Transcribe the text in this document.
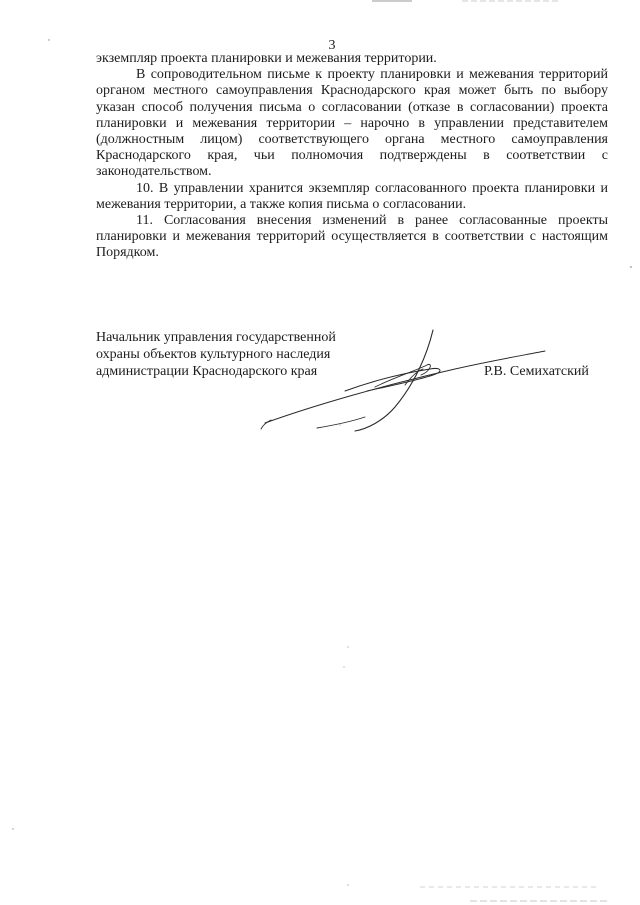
3

экземпляр проекта планировки и межевания территории.

В сопроводительном письме к проекту планировки и межевания территорий органом местного самоуправления Краснодарского края может быть по выбору указан способ получения письма о согласовании (отказе в согласовании) проекта планировки и межевания территории – нарочно в управлении представителем (должностным лицом) соответствующего органа местного самоуправления Краснодарского края, чьи полномочия подтверждены в соответствии с законодательством.

10. В управлении хранится экземпляр согласованного проекта планировки и межевания территории, а также копия письма о согласовании.

11. Согласования внесения изменений в ранее согласованные проекты планировки и межевания территорий осуществляется в соответствии с настоящим Порядком.

Начальник управления государственной
охраны объектов культурного наследия
администрации Краснодарского края	Р.В. Семихатский
